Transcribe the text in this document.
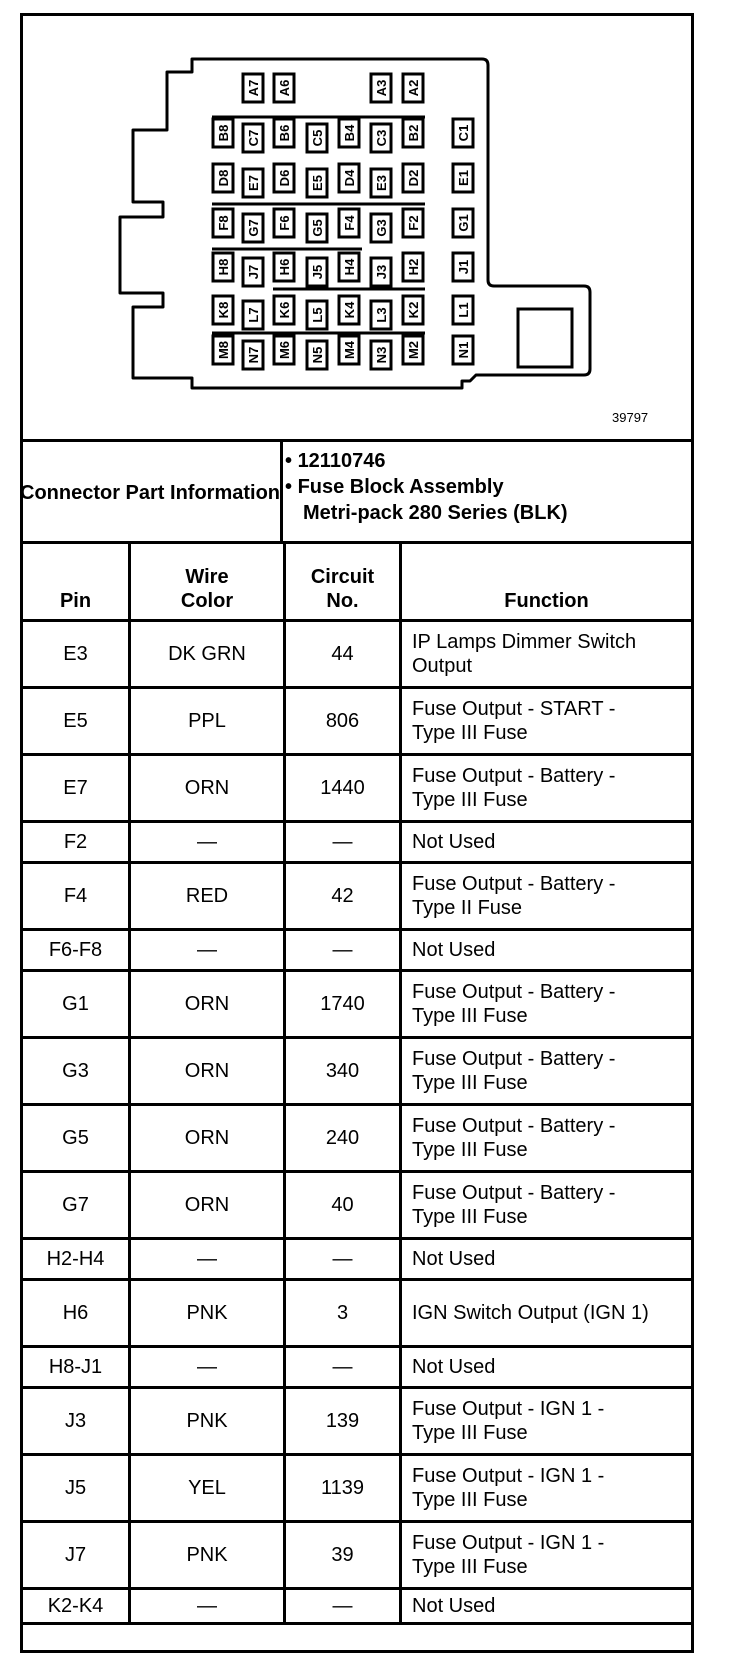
A7 A6	A3 A2
B8 C7 B6 C5 B4 C3 B2	C1
D8 E7 D6 E5 D4 E3 D2	E1
F8 G7 F6 G5 F4 G3 F2	G1
H8 J7 H6 J5 H4 J3 H2	J1
K8 L7 K6 L5 K4 L3 K2	L1
M8 N7 M6 N5 M4 N3 M2	N1
39797
Connector Part Information
• 12110746
• Fuse Block Assembly
Metri-pack 280 Series (BLK)
Pin	Wire Color	Circuit No.	Function
E3	DK GRN	44	IP Lamps Dimmer Switch Output
E5	PPL	806	Fuse Output - START - Type III Fuse
E7	ORN	1440	Fuse Output - Battery - Type III Fuse
F2	—	—	Not Used
F4	RED	42	Fuse Output - Battery - Type II Fuse
F6-F8	—	—	Not Used
G1	ORN	1740	Fuse Output - Battery - Type III Fuse
G3	ORN	340	Fuse Output - Battery - Type III Fuse
G5	ORN	240	Fuse Output - Battery - Type III Fuse
G7	ORN	40	Fuse Output - Battery - Type III Fuse
H2-H4	—	—	Not Used
H6	PNK	3	IGN Switch Output (IGN 1)
H8-J1	—	—	Not Used
J3	PNK	139	Fuse Output - IGN 1 - Type III Fuse
J5	YEL	1139	Fuse Output - IGN 1 - Type III Fuse
J7	PNK	39	Fuse Output - IGN 1 - Type III Fuse
K2-K4	—	—	Not Used
